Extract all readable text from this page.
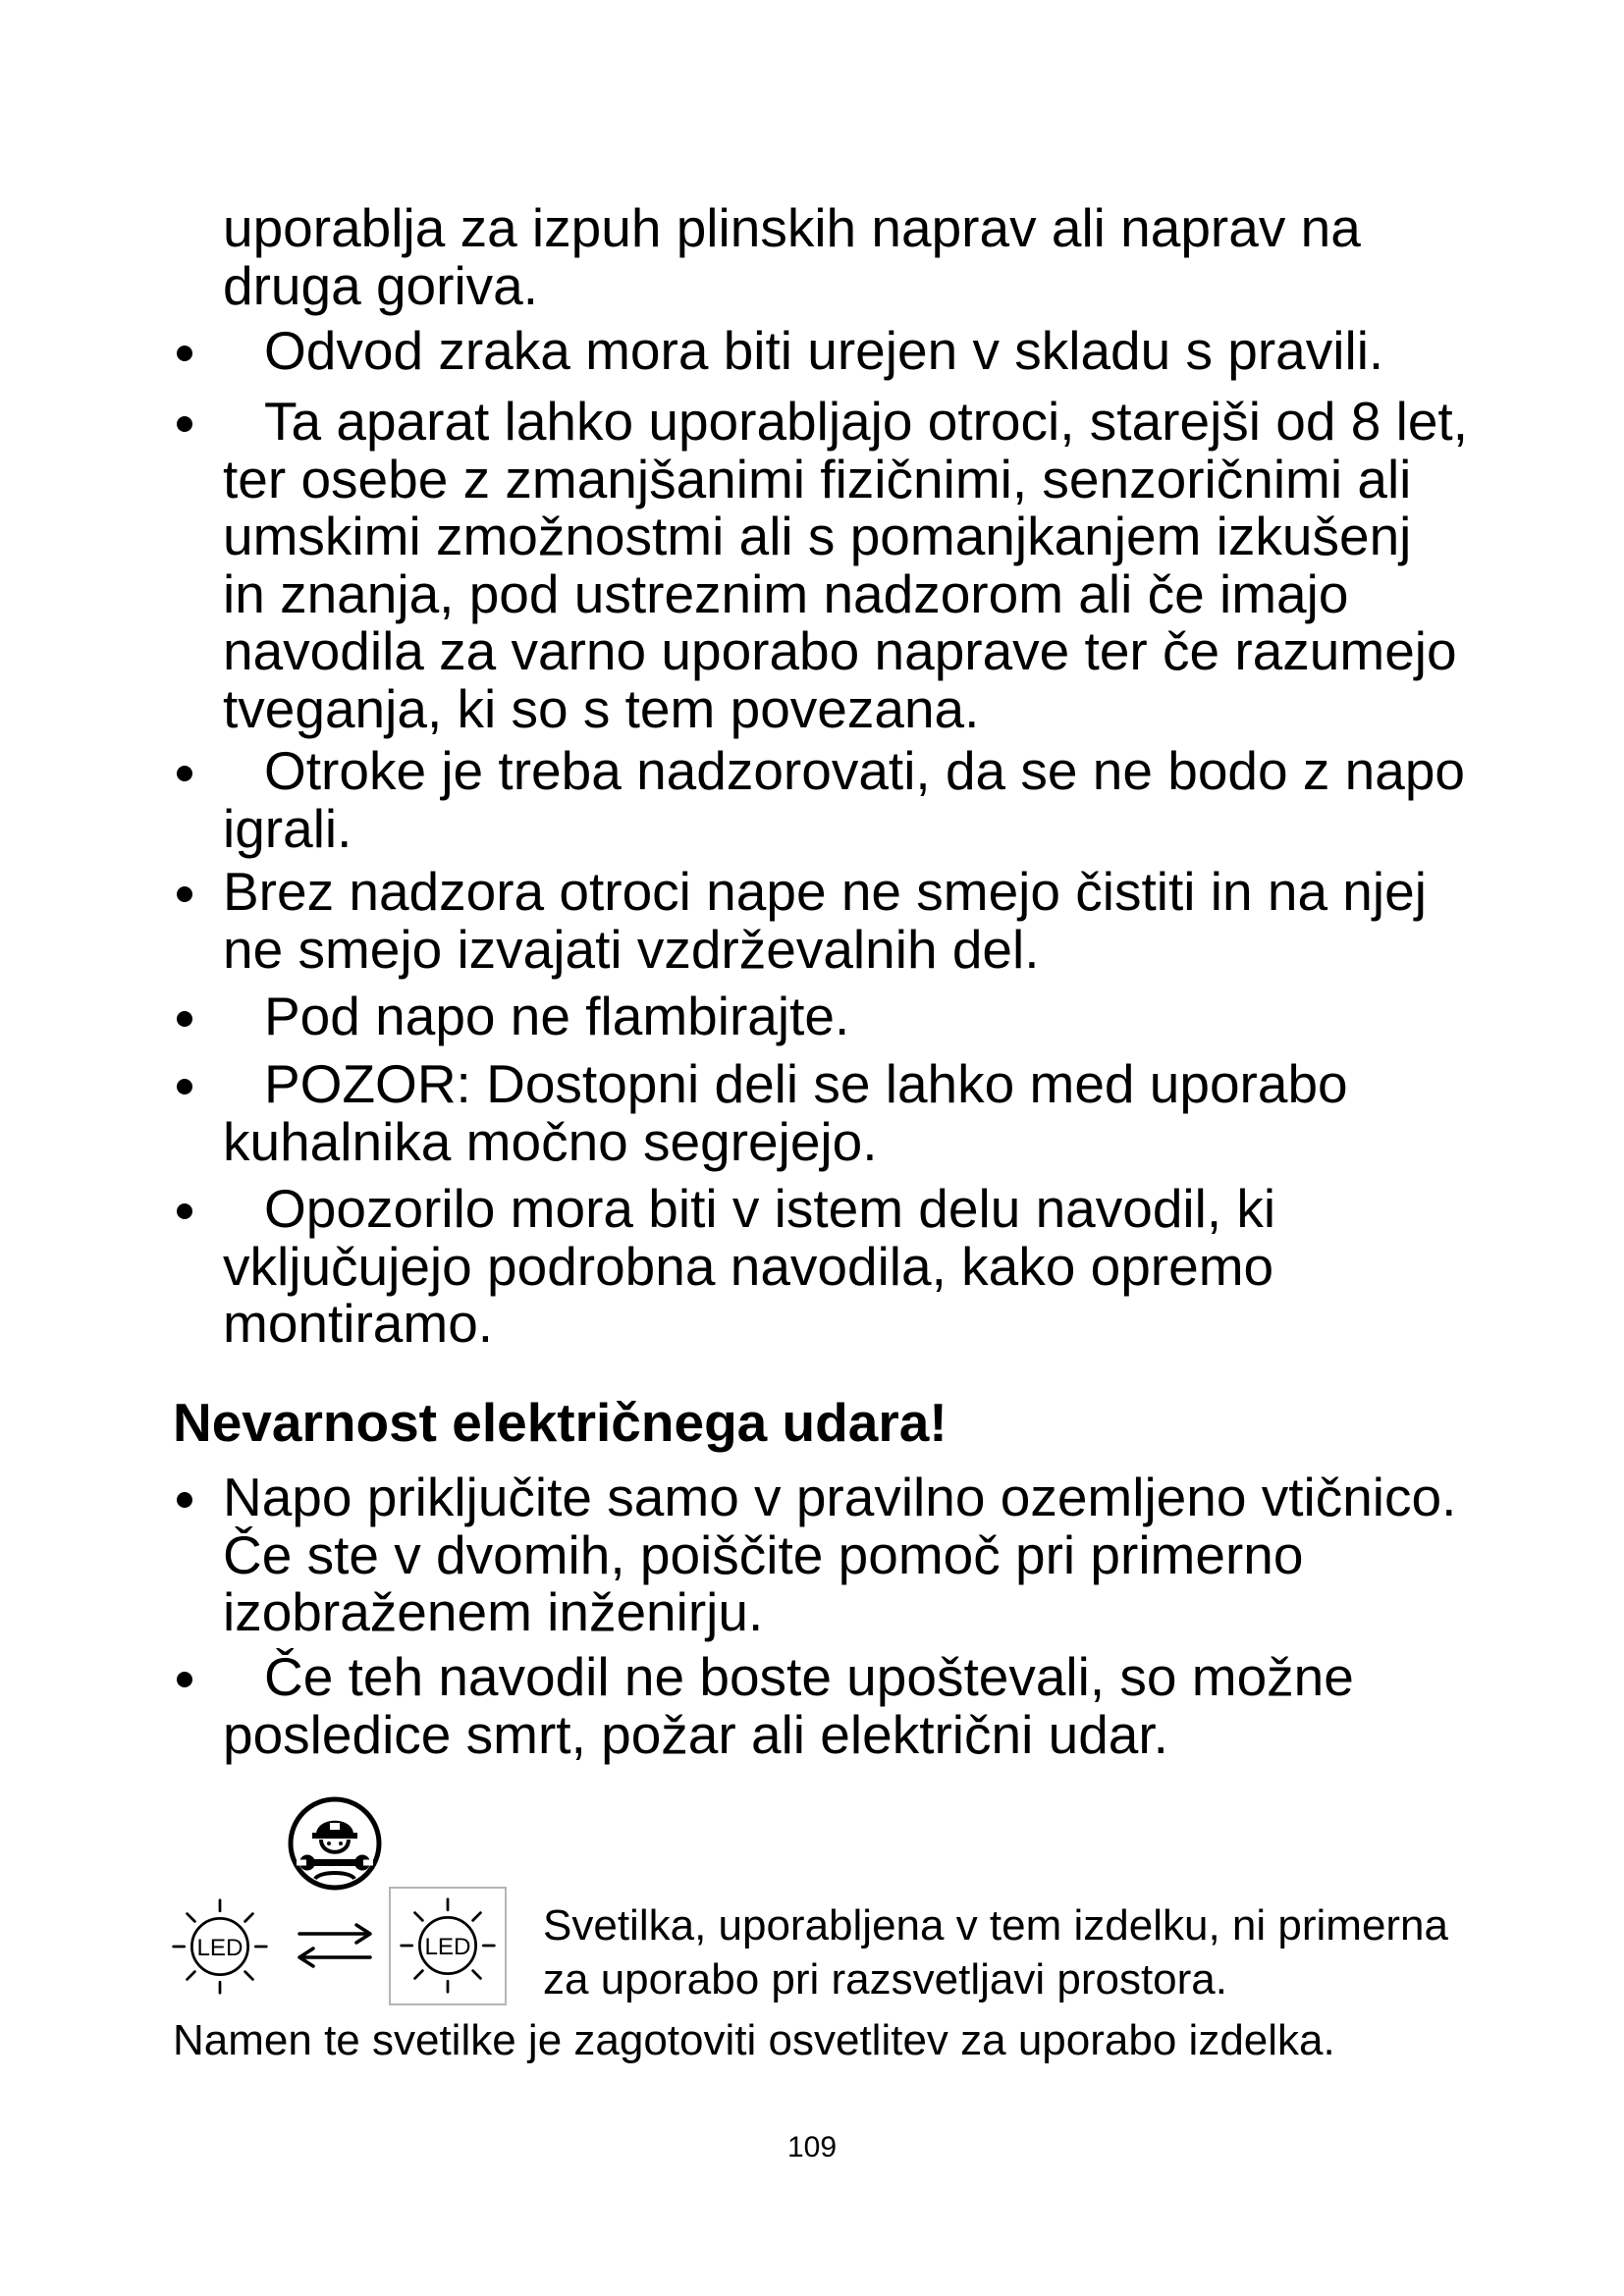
uporablja za izpuh plinskih naprav ali naprav na
druga goriva.
Odvod zraka mora biti urejen v skladu s pravili.
Ta aparat lahko uporabljajo otroci, starejši od 8 let,
ter osebe z zmanjšanimi fizičnimi, senzoričnimi ali
umskimi zmožnostmi ali s pomanjkanjem izkušenj
in znanja, pod ustreznim nadzorom ali če imajo
navodila za varno uporabo naprave ter če razumejo
tveganja, ki so s tem povezana.
Otroke je treba nadzorovati, da se ne bodo z napo
igrali.
Brez nadzora otroci nape ne smejo čistiti in na njej
ne smejo izvajati vzdrževalnih del.
Pod napo ne flambirajte.
POZOR: Dostopni deli se lahko med uporabo
kuhalnika močno segrejejo.
Opozorilo mora biti v istem delu navodil, ki
vključujejo podrobna navodila, kako opremo
montiramo.
Nevarnost električnega udara!
Napo priključite samo v pravilno ozemljeno vtičnico.
Če ste v dvomih, poiščite pomoč pri primerno
izobraženem inženirju.
Če teh navodil ne boste upoštevali, so možne
posledice smrt, požar ali električni udar.
LED	LED Svetilka, uporabljena v tem izdelku, ni primerna
za uporabo pri razsvetljavi prostora.
Namen te svetilke je zagotoviti osvetlitev za uporabo izdelka.
109
